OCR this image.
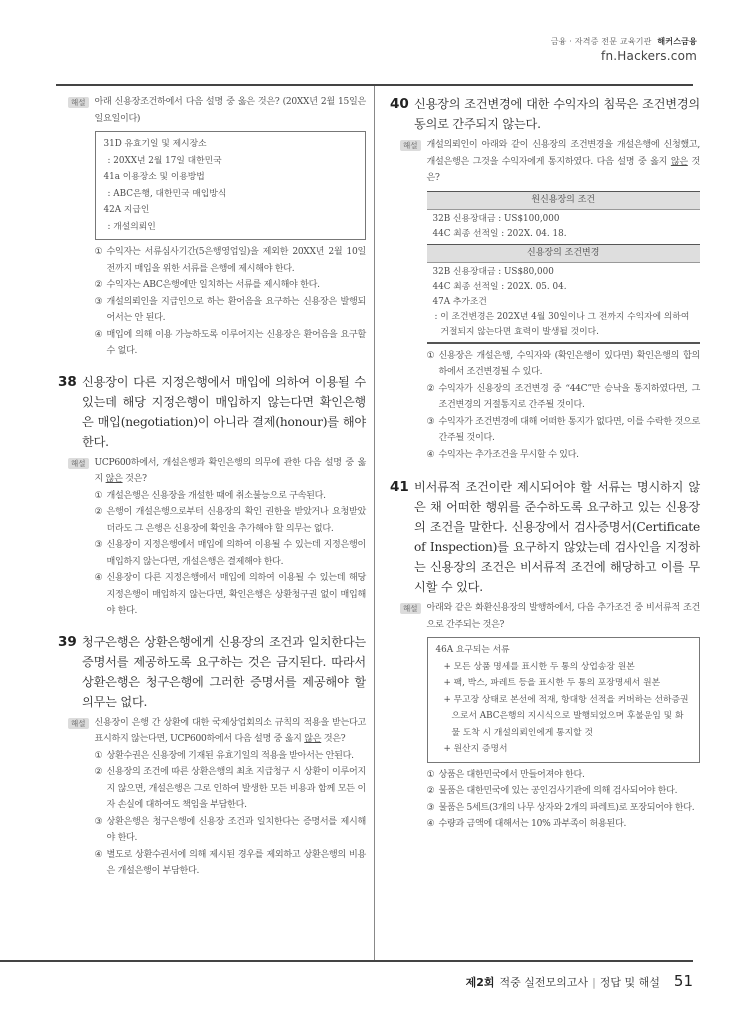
금융 · 자격증 전문 교육기관 해커스금융
fn.Hackers.com
해설 아래 신용장조건하에서 다음 설명 중 옳은 것은? (20XX년 2월 15일은 일요일이다)
31D 유효기일 및 제시장소
: 20XX년 2월 17일 대한민국
41a 이용장소 및 이용방법
: ABC은행, 대한민국 매입방식
42A 지급인
: 개설의뢰인
① 수익자는 서류심사기간(5은행영업일)을 제외한 20XX년 2월 10일 전까지 매입을 위한 서류를 은행에 제시해야 한다.
② 수익자는 ABC은행에만 일치하는 서류를 제시해야 한다.
③ 개설의뢰인을 지급인으로 하는 환어음을 요구하는 신용장은 발행되어서는 안 된다.
④ 매입에 의해 이용 가능하도록 이루어지는 신용장은 환어음을 요구할 수 없다.
38 신용장이 다른 지정은행에서 매입에 의하여 이용될 수 있는데 해당 지정은행이 매입하지 않는다면 확인은행은 매입(negotiation)이 아니라 결제(honour)를 해야 한다.
해설 UCP600하에서, 개설은행과 확인은행의 의무에 관한 다음 설명 중 옳지 않은 것은?
① 개설은행은 신용장을 개설한 때에 취소불능으로 구속된다.
② 은행이 개설은행으로부터 신용장의 확인 권한을 받았거나 요청받았더라도 그 은행은 신용장에 확인을 추가해야 할 의무는 없다.
③ 신용장이 지정은행에서 매입에 의하여 이용될 수 있는데 지정은행이 매입하지 않는다면, 개설은행은 결제해야 한다.
④ 신용장이 다른 지정은행에서 매입에 의하여 이용될 수 있는데 해당 지정은행이 매입하지 않는다면, 확인은행은 상환청구권 없이 매입해야 한다.
39 청구은행은 상환은행에게 신용장의 조건과 일치한다는 증명서를 제공하도록 요구하는 것은 금지된다. 따라서 상환은행은 청구은행에 그러한 증명서를 제공해야 할 의무는 없다.
해설 신용장이 은행 간 상환에 대한 국제상업회의소 규칙의 적용을 받는다고 표시하지 않는다면, UCP600하에서 다음 설명 중 옳지 않은 것은?
① 상환수권은 신용장에 기재된 유효기일의 적용을 받아서는 안된다.
② 신용장의 조건에 따른 상환은행의 최초 지급청구 시 상환이 이루어지지 않으면, 개설은행은 그로 인하여 발생한 모든 비용과 함께 모든 이자 손실에 대하여도 책임을 부담한다.
③ 상환은행은 청구은행에 신용장 조건과 일치한다는 증명서를 제시해야 한다.
④ 별도로 상환수권서에 의해 제시된 경우를 제외하고 상환은행의 비용은 개설은행이 부담한다.
40 신용장의 조건변경에 대한 수익자의 침묵은 조건변경의 동의로 간주되지 않는다.
해설 개설의뢰인이 아래와 같이 신용장의 조건변경을 개설은행에 신청했고, 개설은행은 그것을 수익자에게 통지하였다. 다음 설명 중 옳지 않은 것은?
원신용장의 조건
32B 신용장대금 : US$100,000
44C 최종 선적일 : 202X. 04. 18.
신용장의 조건변경
32B 신용장대금 : US$80,000
44C 최종 선적일 : 202X. 05. 04.
47A 추가조건
: 이 조건변경은 202X년 4월 30일이나 그 전까지 수익자에 의하여 거절되지 않는다면 효력이 발생될 것이다.
① 신용장은 개설은행, 수익자와 (확인은행이 있다면) 확인은행의 합의하에서 조건변경될 수 있다.
② 수익자가 신용장의 조건변경 중 “44C”만 승낙을 통지하였다면, 그 조건변경의 거절통지로 간주될 것이다.
③ 수익자가 조건변경에 대해 어떠한 통지가 없다면, 이를 수락한 것으로 간주될 것이다.
④ 수익자는 추가조건을 무시할 수 있다.
41 비서류적 조건이란 제시되어야 할 서류는 명시하지 않은 채 어떠한 행위를 준수하도록 요구하고 있는 신용장의 조건을 말한다. 신용장에서 검사증명서(Certificate of Inspection)를 요구하지 않았는데 검사인을 지정하는 신용장의 조건은 비서류적 조건에 해당하고 이를 무시할 수 있다.
해설 아래와 같은 화환신용장의 발행하에서, 다음 추가조건 중 비서류적 조건으로 간주되는 것은?
46A 요구되는 서류
+ 모든 상품 명세를 표시한 두 통의 상업송장 원본
+ 팩, 박스, 파레트 등을 표시한 두 통의 포장명세서 원본
+ 무고장 상태로 본선에 적재, 항대항 선적을 커버하는 선하증권으로서 ABC은행의 지시식으로 발행되었으며 후불운임 및 화물 도착 시 개설의뢰인에게 통지할 것
+ 원산지 증명서
① 상품은 대한민국에서 만들어져야 한다.
② 물품은 대한민국에 있는 공인검사기관에 의해 검사되어야 한다.
③ 물품은 5세트(3개의 나무 상자와 2개의 파레트)로 포장되어야 한다.
④ 수량과 금액에 대해서는 10% 과부족이 허용된다.
제2회 적중 실전모의고사 | 정답 및 해설 51
